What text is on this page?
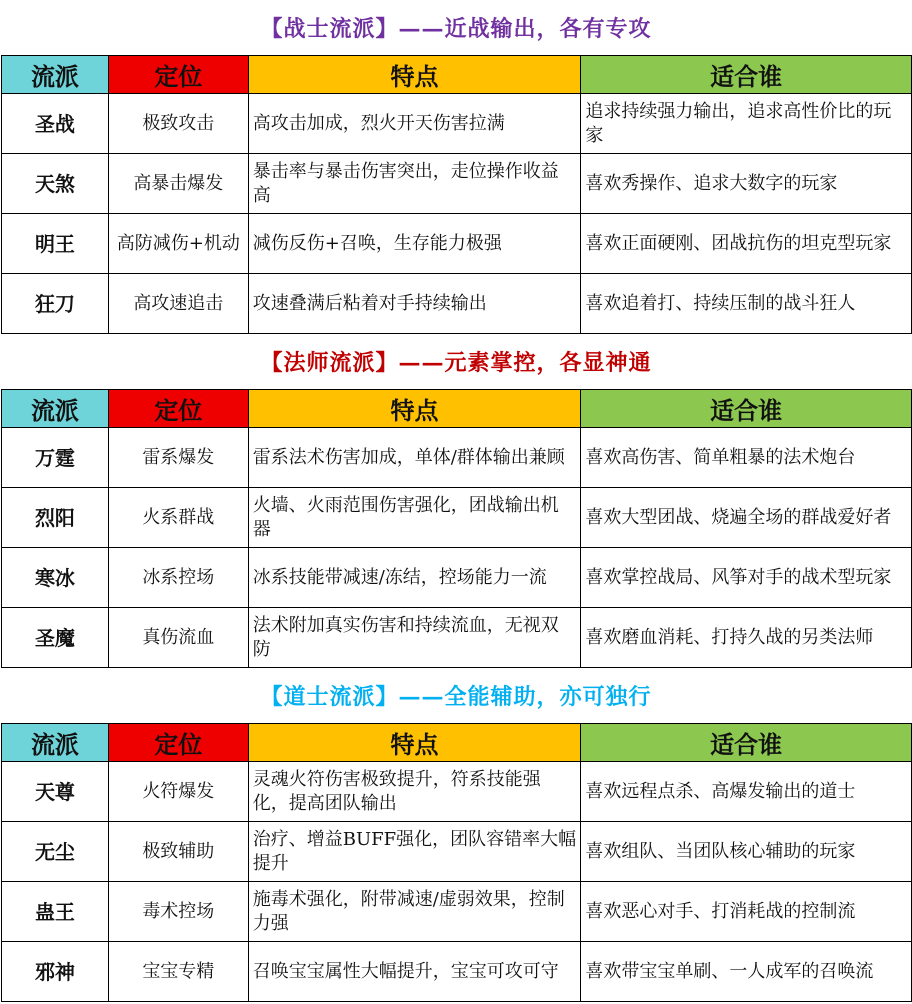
【战士流派】——近战输出，各有专攻
流派	定位	特点	适合谁
圣战	极致攻击	高攻击加成，烈火开天伤害拉满	追求持续强力输出，追求高性价比的玩家
天煞	高暴击爆发	暴击率与暴击伤害突出，走位操作收益高	喜欢秀操作、追求大数字的玩家
明王	高防减伤+机动	减伤反伤+召唤，生存能力极强	喜欢正面硬刚、团战抗伤的坦克型玩家
狂刀	高攻速追击	攻速叠满后粘着对手持续输出	喜欢追着打、持续压制的战斗狂人
【法师流派】——元素掌控，各显神通
流派	定位	特点	适合谁
万霆	雷系爆发	雷系法术伤害加成，单体/群体输出兼顾	喜欢高伤害、简单粗暴的法术炮台
烈阳	火系群战	火墙、火雨范围伤害强化，团战输出机器	喜欢大型团战、烧遍全场的群战爱好者
寒冰	冰系控场	冰系技能带减速/冻结，控场能力一流	喜欢掌控战局、风筝对手的战术型玩家
圣魔	真伤流血	法术附加真实伤害和持续流血，无视双防	喜欢磨血消耗、打持久战的另类法师
【道士流派】——全能辅助，亦可独行
流派	定位	特点	适合谁
天尊	火符爆发	灵魂火符伤害极致提升，符系技能强化，提高团队输出	喜欢远程点杀、高爆发输出的道士
无尘	极致辅助	治疗、增益BUFF强化，团队容错率大幅提升	喜欢组队、当团队核心辅助的玩家
蛊王	毒术控场	施毒术强化，附带减速/虚弱效果，控制力强	喜欢恶心对手、打消耗战的控制流
邪神	宝宝专精	召唤宝宝属性大幅提升，宝宝可攻可守	喜欢带宝宝单刷、一人成军的召唤流
